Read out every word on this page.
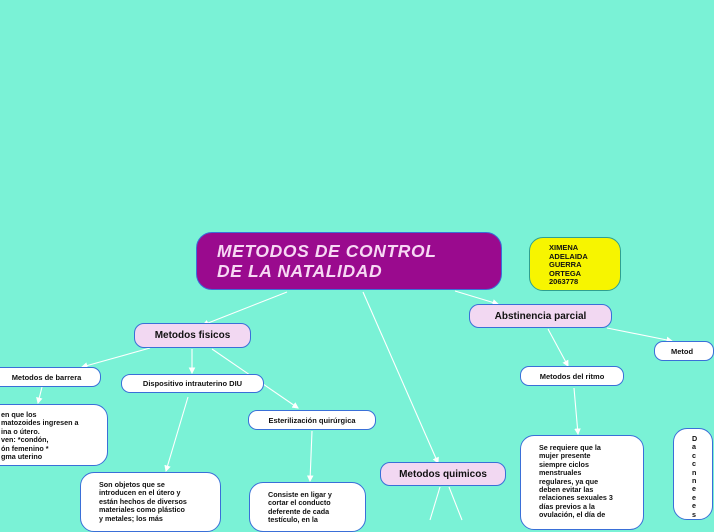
METODOS DE CONTROL
DE LA NATALIDAD
XIMENA
ADELAIDA
GUERRA
ORTEGA
2063778
Metodos fisicos
Metodos quimicos
Abstinencia parcial
Metod
Metodos de barrera
Dispositivo intrauterino DIU
Esterilización quirúrgica
Metodos del ritmo
en que los
matozoides ingresen a
ina o útero.
ven: *condón,
ón femenino *
gma uterino
Son objetos que se
introducen en el útero y
están hechos de diversos
materiales como plástico
y metales; los más
Consiste en ligar y
cortar el conducto
deferente de cada
testículo, en la
Se requiere que la
mujer presente
siempre ciclos
menstruales
regulares, ya que
deben evitar las
relaciones sexuales 3
días previos a la
ovulación, el día de
D
a
c
c
n
n
e
e
e
s
